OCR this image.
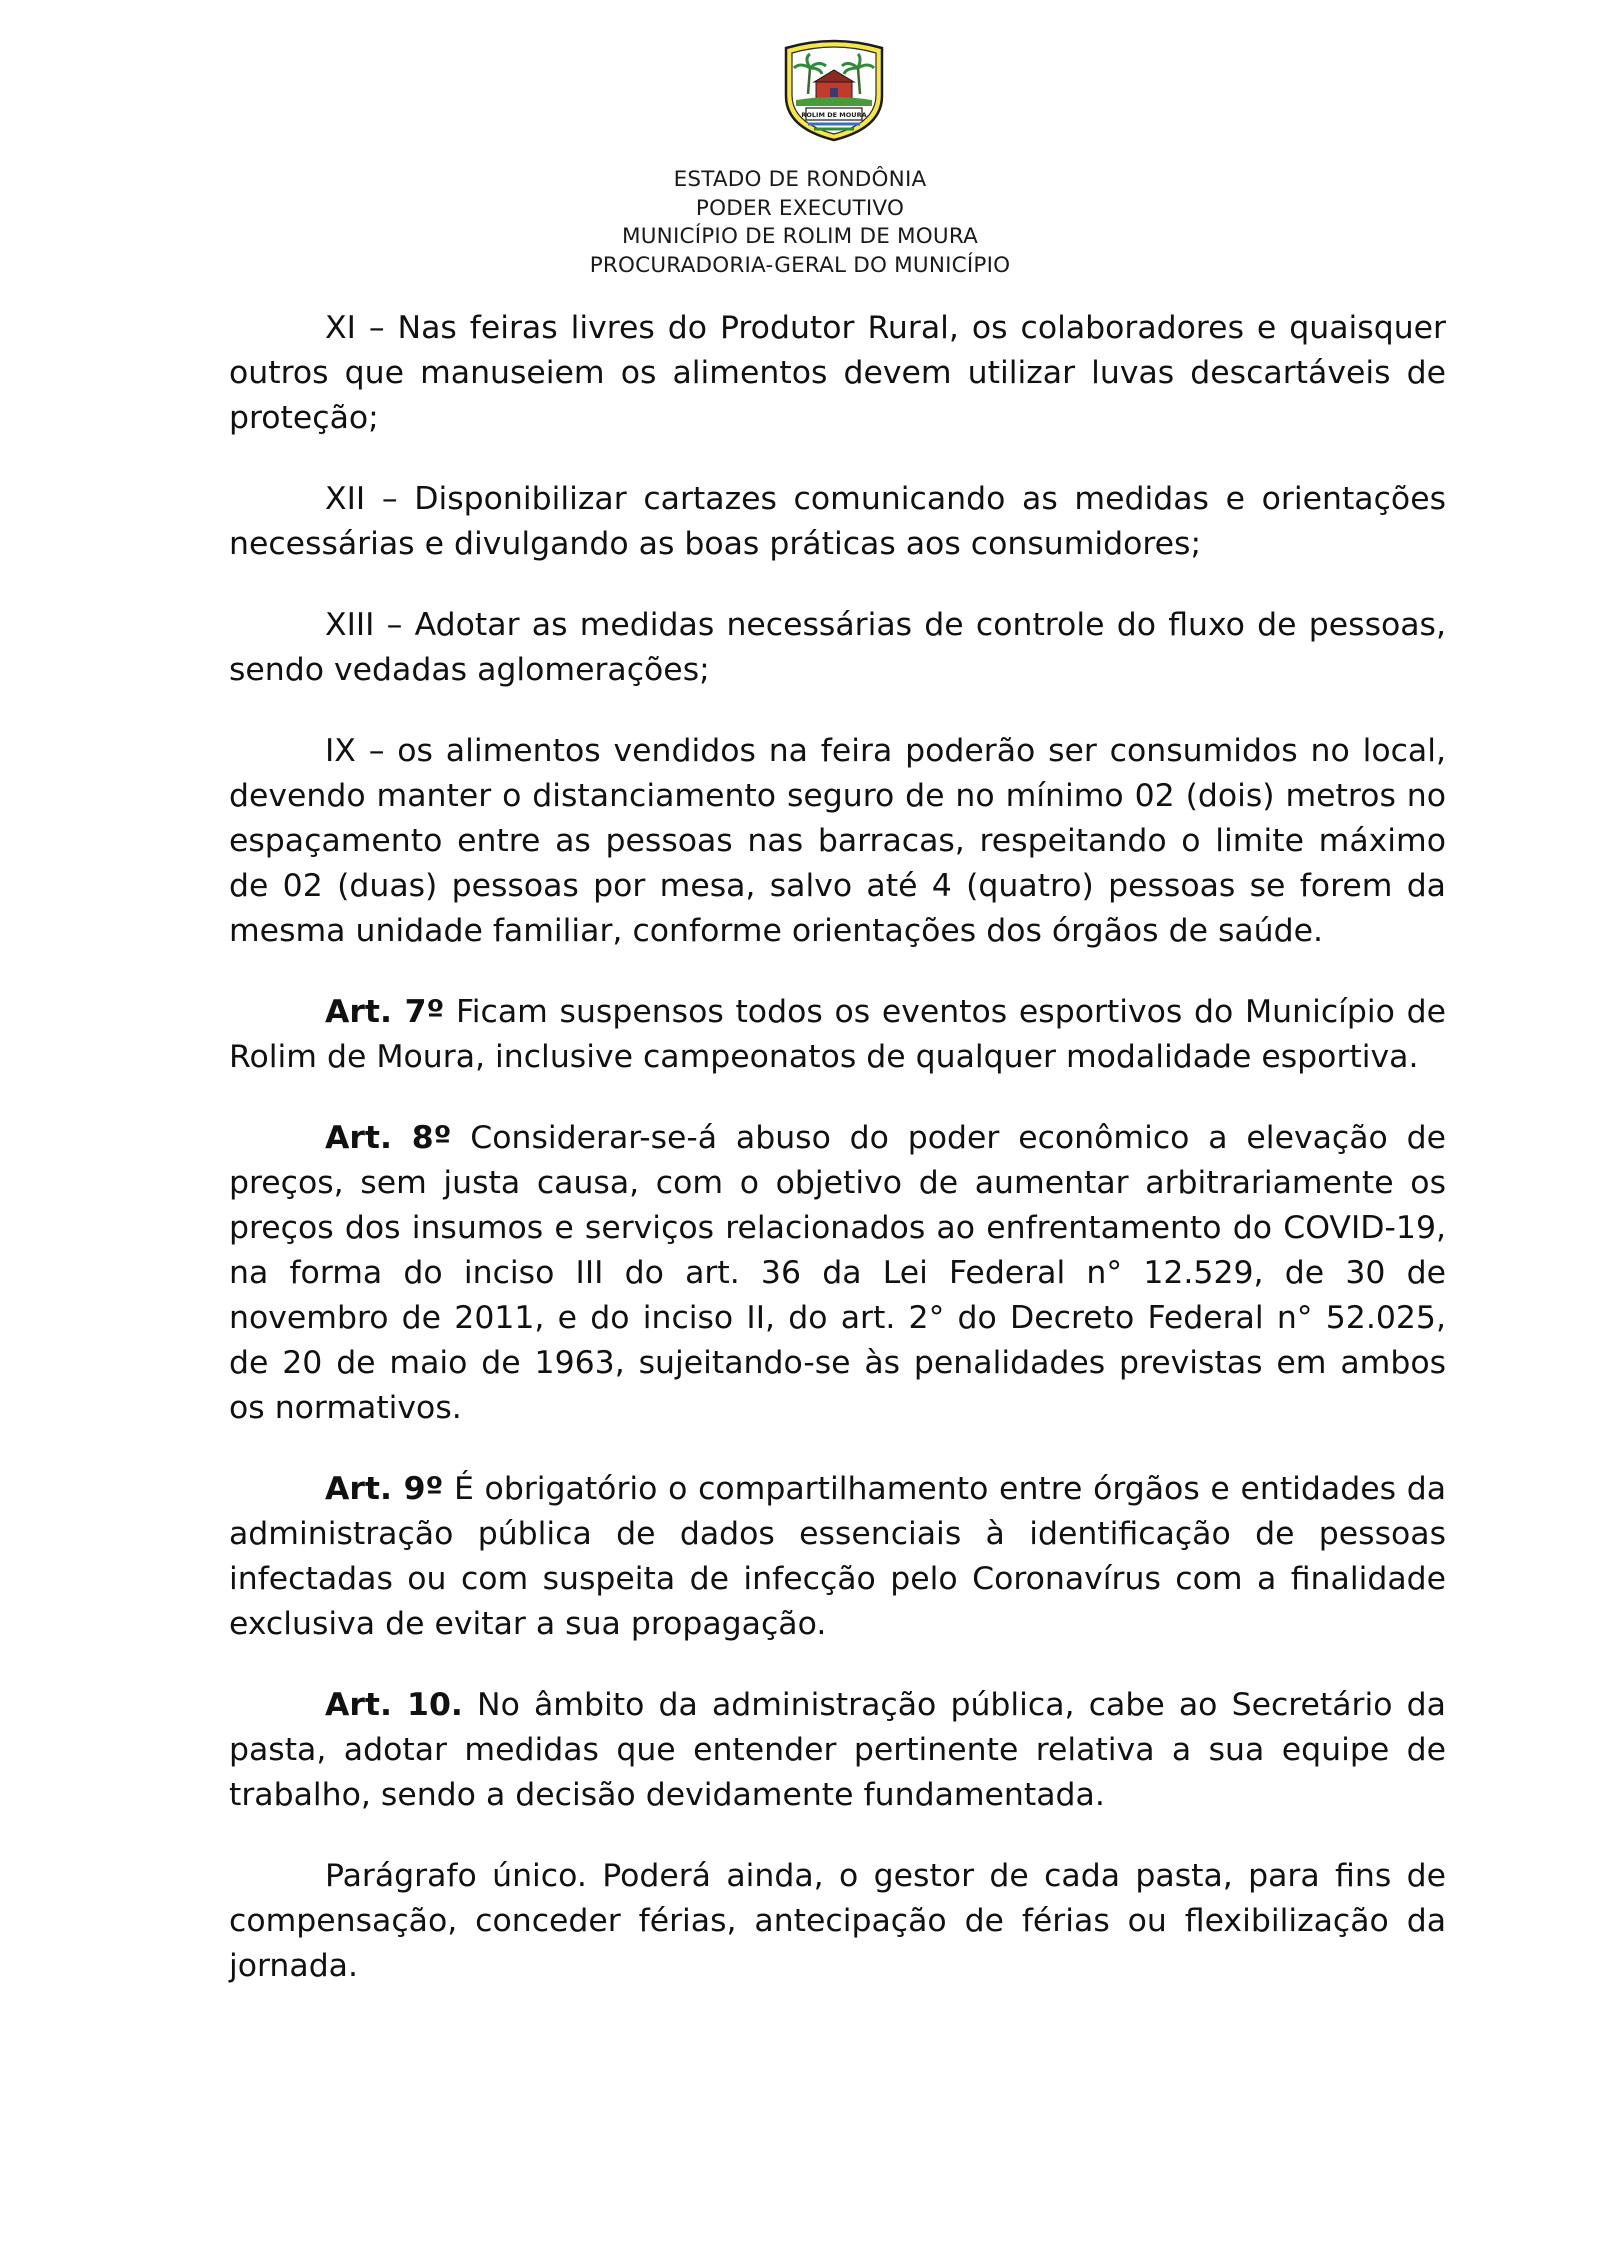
ROLIM DE MOURA
ESTADO DE RONDÔNIA
PODER EXECUTIVO
MUNICÍPIO DE ROLIM DE MOURA
PROCURADORIA-GERAL DO MUNICÍPIO

XI – Nas feiras livres do Produtor Rural, os colaboradores e quaisquer outros que manuseiem os alimentos devem utilizar luvas descartáveis de proteção;

XII – Disponibilizar cartazes comunicando as medidas e orientações necessárias e divulgando as boas práticas aos consumidores;

XIII – Adotar as medidas necessárias de controle do fluxo de pessoas, sendo vedadas aglomerações;

IX – os alimentos vendidos na feira poderão ser consumidos no local, devendo manter o distanciamento seguro de no mínimo 02 (dois) metros no espaçamento entre as pessoas nas barracas, respeitando o limite máximo de 02 (duas) pessoas por mesa, salvo até 4 (quatro) pessoas se forem da mesma unidade familiar, conforme orientações dos órgãos de saúde.

Art. 7º Ficam suspensos todos os eventos esportivos do Município de Rolim de Moura, inclusive campeonatos de qualquer modalidade esportiva.

Art. 8º Considerar-se-á abuso do poder econômico a elevação de preços, sem justa causa, com o objetivo de aumentar arbitrariamente os preços dos insumos e serviços relacionados ao enfrentamento do COVID-19, na forma do inciso III do art. 36 da Lei Federal n° 12.529, de 30 de novembro de 2011, e do inciso II, do art. 2° do Decreto Federal n° 52.025, de 20 de maio de 1963, sujeitando-se às penalidades previstas em ambos os normativos.

Art. 9º É obrigatório o compartilhamento entre órgãos e entidades da administração pública de dados essenciais à identificação de pessoas infectadas ou com suspeita de infecção pelo Coronavírus com a finalidade exclusiva de evitar a sua propagação.

Art. 10. No âmbito da administração pública, cabe ao Secretário da pasta, adotar medidas que entender pertinente relativa a sua equipe de trabalho, sendo a decisão devidamente fundamentada.

Parágrafo único. Poderá ainda, o gestor de cada pasta, para fins de compensação, conceder férias, antecipação de férias ou flexibilização da jornada.
